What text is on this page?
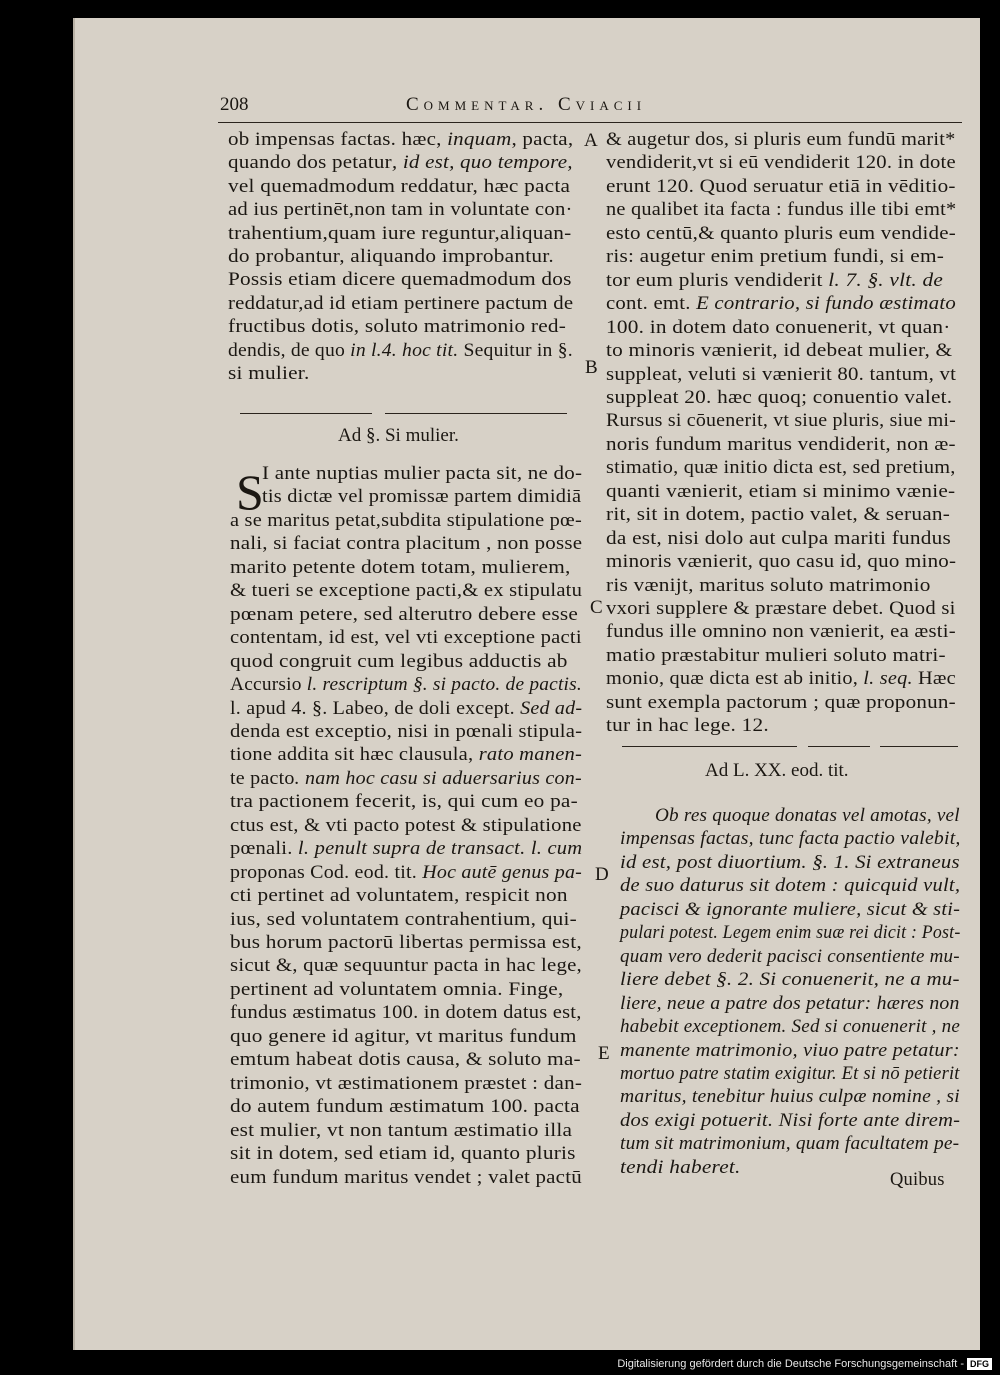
208	Commentar. Cviacii
ob impensas factas. hæc, inquam, pacta,
quando dos petatur, id est, quo tempore,
vel quemadmodum reddatur, hæc pacta
ad ius pertinēt,non tam in voluntate con·
trahentium,quam iure reguntur,aliquan-
do probantur, aliquando improbantur.
Possis etiam dicere quemadmodum dos
reddatur,ad id etiam pertinere pactum de
fructibus dotis, soluto matrimonio red-
dendis, de quo in l.4. hoc tit. Sequitur in §.
si mulier.
Ad §. Si mulier.
S
I ante nuptias mulier pacta sit, ne do-
tis dictæ vel promissæ partem dimidiā
a se maritus petat,subdita stipulatione pœ-
nali, si faciat contra placitum , non posse
marito petente dotem totam, mulierem,
& tueri se exceptione pacti,& ex stipulatu
pœnam petere, sed alterutro debere esse
contentam, id est, vel vti exceptione pacti
quod congruit cum legibus adductis ab
Accursio l. rescriptum §. si pacto. de pactis.
l. apud 4. §. Labeo, de doli except. Sed ad-
denda est exceptio, nisi in pœnali stipula-
tione addita sit hæc clausula, rato manen-
te pacto. nam hoc casu si aduersarius con-
tra pactionem fecerit, is, qui cum eo pa-
ctus est, & vti pacto potest & stipulatione
pœnali. l. penult supra de transact. l. cum
proponas Cod. eod. tit. Hoc autē genus pa-
cti pertinet ad voluntatem, respicit non
ius, sed voluntatem contrahentium, qui-
bus horum pactorū libertas permissa est,
sicut &, quæ sequuntur pacta in hac lege,
pertinent ad voluntatem omnia. Finge,
fundus æstimatus 100. in dotem datus est,
quo genere id agitur, vt maritus fundum
emtum habeat dotis causa, & soluto ma-
trimonio, vt æstimationem præstet : dan-
do autem fundum æstimatum 100. pacta
est mulier, vt non tantum æstimatio illa
sit in dotem, sed etiam id, quanto pluris
eum fundum maritus vendet ; valet pactū
& augetur dos, si pluris eum fundū marit*
vendiderit,vt si eū vendiderit 120. in dote
erunt 120. Quod seruatur etiā in vēditio-
ne qualibet ita facta : fundus ille tibi emt*
esto centū,& quanto pluris eum vendide-
ris: augetur enim pretium fundi, si em-
tor eum pluris vendiderit l. 7. §. vlt. de
cont. emt. E contrario, si fundo æstimato
100. in dotem dato conuenerit, vt quan·
to minoris vænierit, id debeat mulier, &
suppleat, veluti si vænierit 80. tantum, vt
suppleat 20. hæc quoq; conuentio valet.
Rursus si cōuenerit, vt siue pluris, siue mi-
noris fundum maritus vendiderit, non æ-
stimatio, quæ initio dicta est, sed pretium,
quanti vænierit, etiam si minimo vænie-
rit, sit in dotem, pactio valet, & seruan-
da est, nisi dolo aut culpa mariti fundus
minoris vænierit, quo casu id, quo mino-
ris vænijt, maritus soluto matrimonio
vxori supplere & præstare debet. Quod si
fundus ille omnino non vænierit, ea æsti-
matio præstabitur mulieri soluto matri-
monio, quæ dicta est ab initio, l. seq. Hæc
sunt exempla pactorum ; quæ proponun-
tur in hac lege. 12.
Ad L. XX. eod. tit.
Ob res quoque donatas vel amotas, vel
impensas factas, tunc facta pactio valebit,
id est, post diuortium. §. 1. Si extraneus
de suo daturus sit dotem : quicquid vult,
pacisci & ignorante muliere, sicut & sti-
pulari potest. Legem enim suæ rei dicit : Post-
quam vero dederit pacisci consentiente mu-
liere debet §. 2. Si conuenerit, ne a mu-
liere, neue a patre dos petatur: hæres non
habebit exceptionem. Sed si conuenerit , ne
manente matrimonio, viuo patre petatur:
mortuo patre statim exigitur. Et si nō petierit
maritus, tenebitur huius culpæ nomine , si
dos exigi potuerit. Nisi forte ante direm-
tum sit matrimonium, quam facultatem pe-
tendi haberet.
Quibus
A
B
C
D
E
Digitalisierung gefördert durch die Deutsche Forschungsgemeinschaft - DFG
